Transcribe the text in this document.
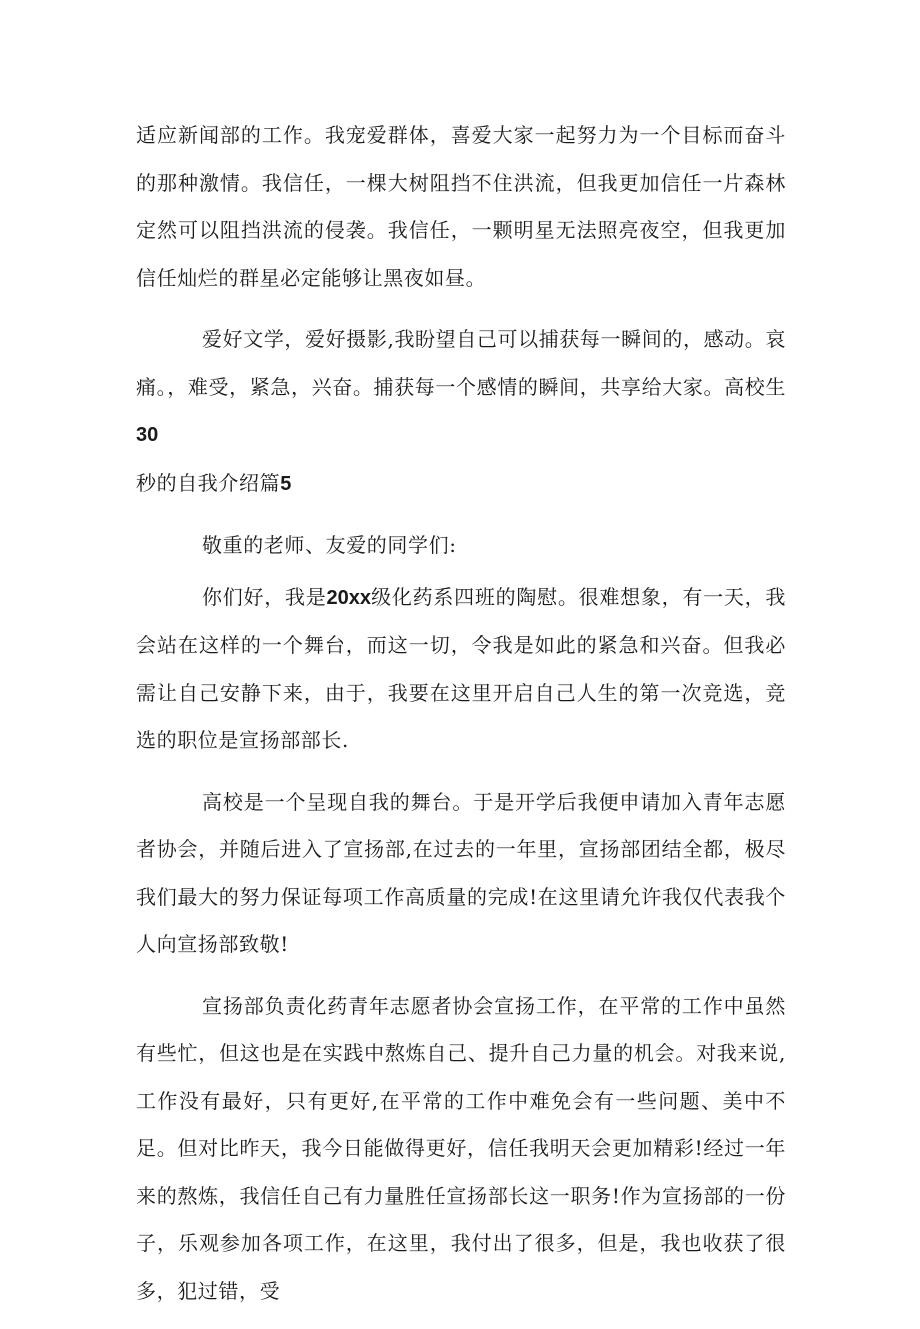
适应新闻部的工作。我宠爱群体，喜爱大家一起努力为一个目标而奋斗的那种激情。我信任，一棵大树阻挡不住洪流，但我更加信任一片森林定然可以阻挡洪流的侵袭。我信任，一颗明星无法照亮夜空，但我更加信任灿烂的群星必定能够让黑夜如昼。

爱好文学，爱好摄影,我盼望自己可以捕获每一瞬间的，感动。哀痛。，难受，紧急，兴奋。捕获每一个感情的瞬间，共享给大家。高校生30
秒的自我介绍篇5

敬重的老师、友爱的同学们:

你们好，我是20xx级化药系四班的陶慰。很难想象，有一天，我会站在这样的一个舞台，而这一切，令我是如此的紧急和兴奋。但我必需让自己安静下来，由于，我要在这里开启自己人生的第一次竞选，竞选的职位是宣扬部部长.

高校是一个呈现自我的舞台。于是开学后我便申请加入青年志愿者协会，并随后进入了宣扬部,在过去的一年里，宣扬部团结全都，极尽我们最大的努力保证每项工作高质量的完成!在这里请允许我仅代表我个人向宣扬部致敬!

宣扬部负责化药青年志愿者协会宣扬工作，在平常的工作中虽然有些忙，但这也是在实践中熬炼自己、提升自己力量的机会。对我来说,工作没有最好，只有更好,在平常的工作中难免会有一些问题、美中不足。但对比昨天，我今日能做得更好，信任我明天会更加精彩!经过一年来的熬炼，我信任自己有力量胜任宣扬部长这一职务!作为宣扬部的一份子，乐观参加各项工作，在这里，我付出了很多，但是，我也收获了很多，犯过错，受
